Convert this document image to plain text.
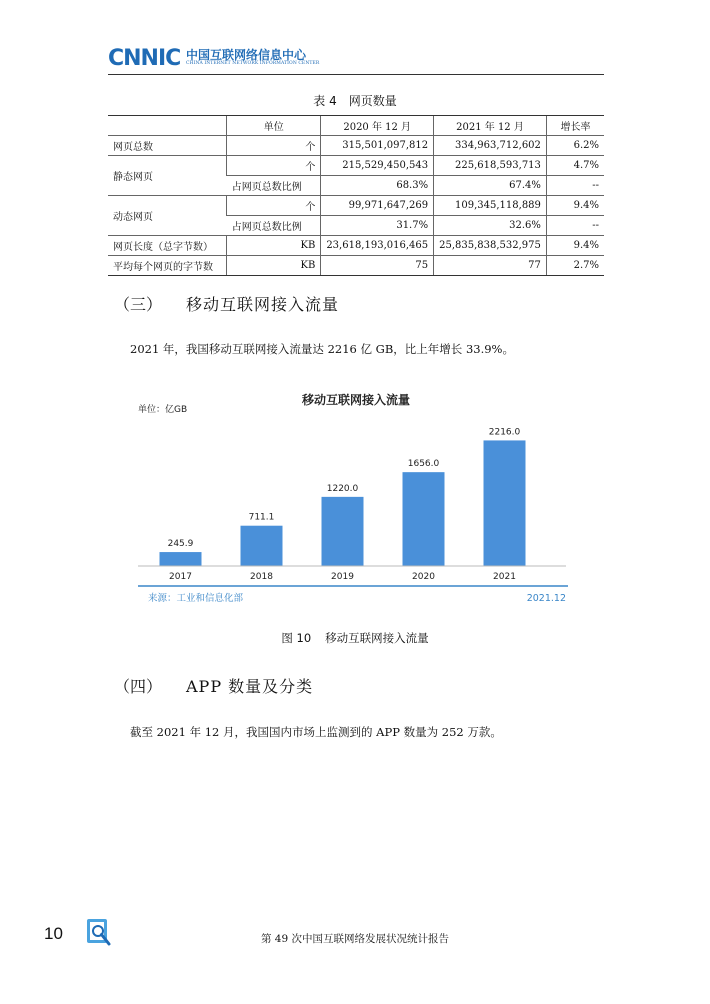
CNNIC 中国互联网络信息中心
CHINA INTERNET NETWORK INFORMATION CENTER
表 4 网页数量
	单位	2020 年 12 月	2021 年 12 月	增长率
网页总数	个	315,501,097,812	334,963,712,602	6.2%
静态网页	个	215,529,450,543	225,618,593,713	4.7%
	占网页总数比例	68.3%	67.4%	--
动态网页	个	99,971,647,269	109,345,118,889	9.4%
	占网页总数比例	31.7%	32.6%	--
网页长度（总字节数）	KB	23,618,193,016,465	25,835,838,532,975	9.4%
平均每个网页的字节数	KB	75	77	2.7%
（三） 移动互联网接入流量
2021 年，我国移动互联网接入流量达 2216 亿 GB，比上年增长 33.9%。
单位：亿GB
移动互联网接入流量
245.9
2017
711.1
2018
1220.0
2019
1656.0
2020
2216.0
2021
来源：工业和信息化部	2021.12
图 10 移动互联网接入流量
（四） APP 数量及分类
截至 2021 年 12 月，我国国内市场上监测到的 APP 数量为 252 万款。
10	第 49 次中国互联网络发展状况统计报告
